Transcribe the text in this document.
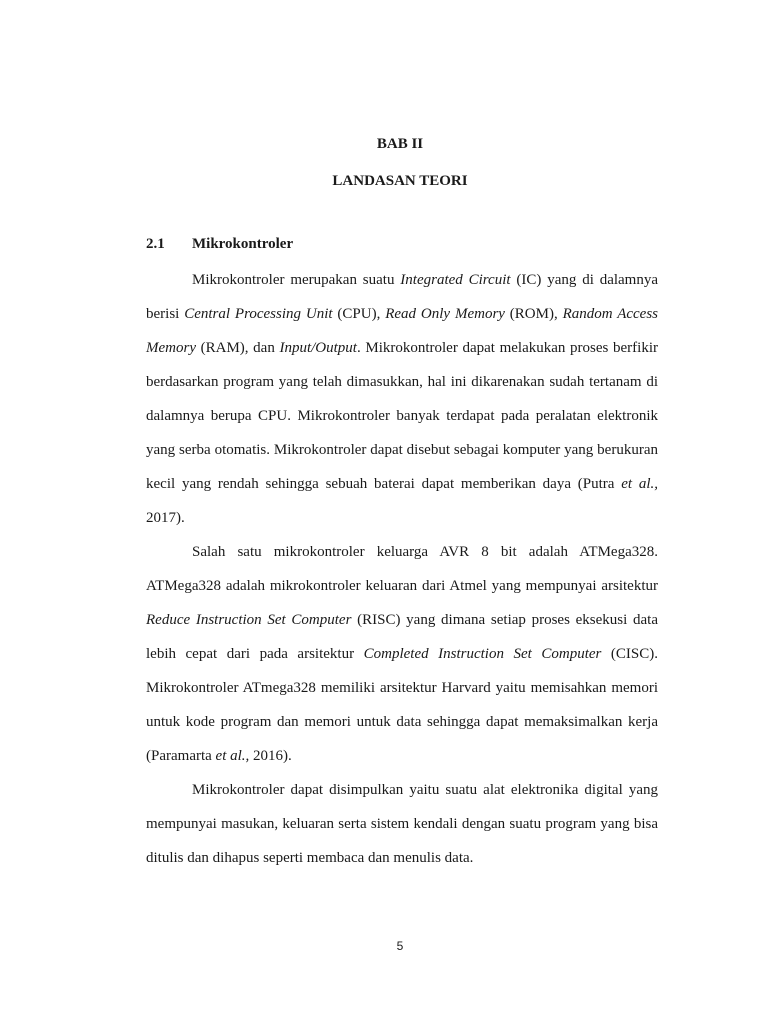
BAB II
LANDASAN TEORI
2.1 Mikrokontroler

Mikrokontroler merupakan suatu Integrated Circuit (IC) yang di dalamnya berisi Central Processing Unit (CPU), Read Only Memory (ROM), Random Access Memory (RAM), dan Input/Output. Mikrokontroler dapat melakukan proses berfikir berdasarkan program yang telah dimasukkan, hal ini dikarenakan sudah tertanam di dalamnya berupa CPU. Mikrokontroler banyak terdapat pada peralatan elektronik yang serba otomatis. Mikrokontroler dapat disebut sebagai komputer yang berukuran kecil yang rendah sehingga sebuah baterai dapat memberikan daya (Putra et al., 2017).

Salah satu mikrokontroler keluarga AVR 8 bit adalah ATMega328. ATMega328 adalah mikrokontroler keluaran dari Atmel yang mempunyai arsitektur Reduce Instruction Set Computer (RISC) yang dimana setiap proses eksekusi data lebih cepat dari pada arsitektur Completed Instruction Set Computer (CISC). Mikrokontroler ATmega328 memiliki arsitektur Harvard yaitu memisahkan memori untuk kode program dan memori untuk data sehingga dapat memaksimalkan kerja (Paramarta et al., 2016).

Mikrokontroler dapat disimpulkan yaitu suatu alat elektronika digital yang mempunyai masukan, keluaran serta sistem kendali dengan suatu program yang bisa ditulis dan dihapus seperti membaca dan menulis data.

5
